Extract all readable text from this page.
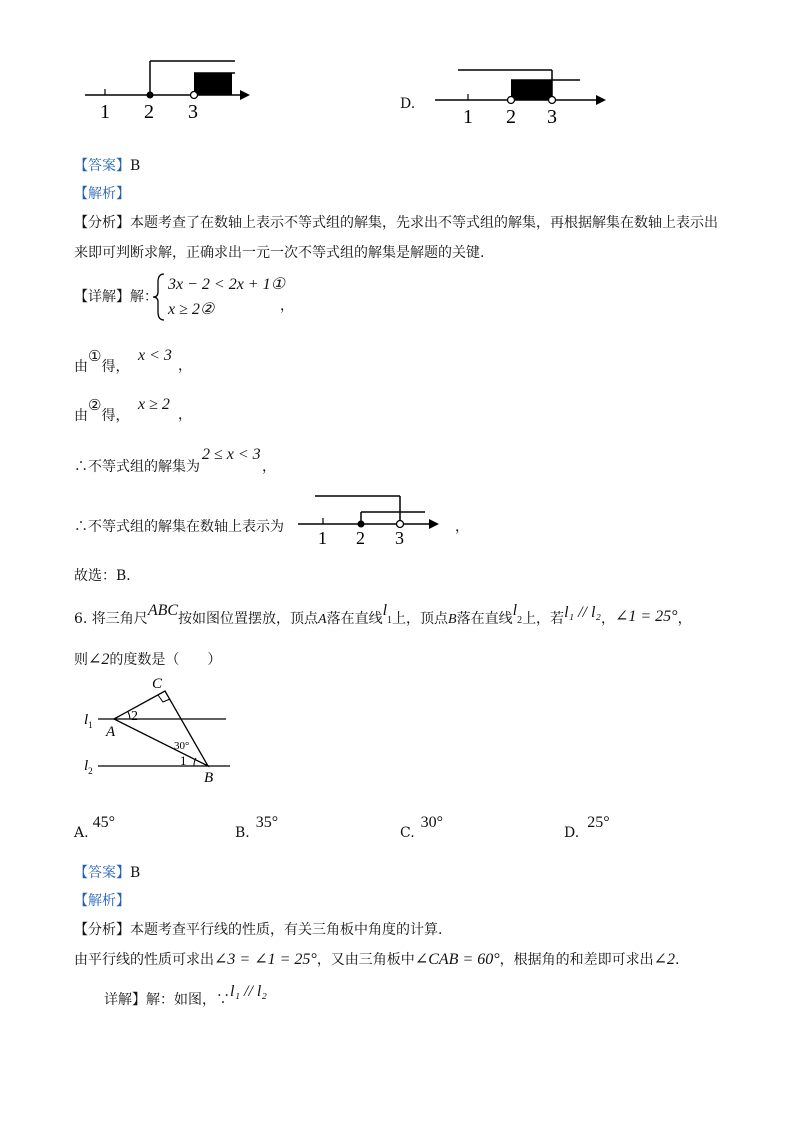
1 2 3	D.
1 2 3
【答案】B
【解析】
【分析】本题考查了在数轴上表示不等式组的解集，先求出不等式组的解集，再根据解集在数轴上表示出
来即可判断求解，正确求出一元一次不等式组的解集是解题的关键.
【详解】解：
3x − 2 < 2x + 1①
x ≥ 2②	，
由①得，
x < 3
，
由②得，
x ≥ 2
，
∴不等式组的解集为
2 ≤ x < 3
，
∴不等式组的解集在数轴上表示为
1 2 3
，
故选：B．
6. 将三角尺ABC按如图位置摆放，顶点A落在直线$l_1$上，顶点B落在直线$l_2$上，若l₁ // l₂，∠1 = 25°，
则∠2的度数是（　　）
C
A
B
$l_1$
$l_2$
2
1
30°
A.45°
B.35°
C.30°
D.25°
【答案】B
【解析】
【分析】本题考查平行线的性质，有关三角板中角度的计算.
由平行线的性质可求出∠3 = ∠1 = 25°，又由三角板中∠CAB = 60°，根据角的和差即可求出∠2.
详解】解：如图，∵l₁ // l₂
